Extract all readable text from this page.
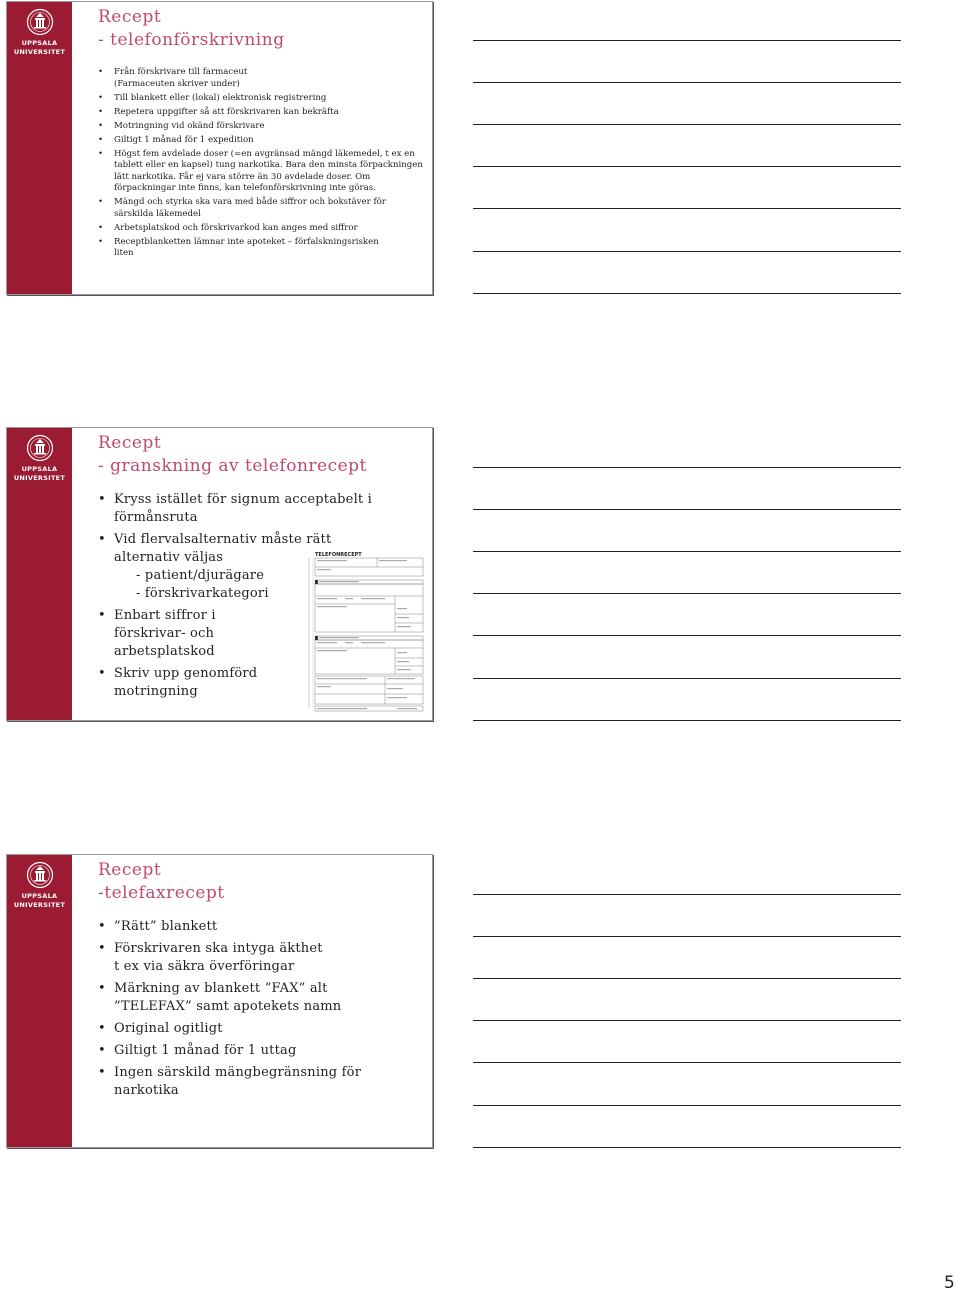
UPPSALA
UNIVERSITET
Recept
- telefonförskrivning
• Från förskrivare till farmaceut (Farmaceuten skriver under)
• Till blankett eller (lokal) elektronisk registrering
• Repetera uppgifter så att förskrivaren kan bekräfta
• Motringning vid okänd förskrivare
• Giltigt 1 månad för 1 expedition
• Högst fem avdelade doser (=en avgränsad mängd läkemedel, t ex en tablett eller en kapsel) tung narkotika. Bara den minsta förpackningen lätt narkotika. Får ej vara större än 30 avdelade doser. Om förpackningar inte finns, kan telefonförskrivning inte göras.
• Mängd och styrka ska vara med både siffror och bokstäver för särskilda läkemedel
• Arbetsplatskod och förskrivarkod kan anges med siffror
• Receptblanketten lämnar inte apoteket – förfalskningsrisken liten
UPPSALA
UNIVERSITET
Recept
- granskning av telefonrecept
• Kryss istället för signum acceptabelt i förmånsruta
• Vid flervalsalternativ måste rätt alternativ väljas
- patient/djurägare
- förskrivarkategori
• Enbart siffror i förskrivar- och arbetsplatskod
• Skriv upp genomförd motringning
TELEFONRECEPT
UPPSALA
UNIVERSITET
Recept
-telefaxrecept
• ”Rätt” blankett
• Förskrivaren ska intyga äkthet t ex via säkra överföringar
• Märkning av blankett ”FAX” alt ”TELEFAX” samt apotekets namn
• Original ogitligt
• Giltigt 1 månad för 1 uttag
• Ingen särskild mängbegränsning för narkotika
5
